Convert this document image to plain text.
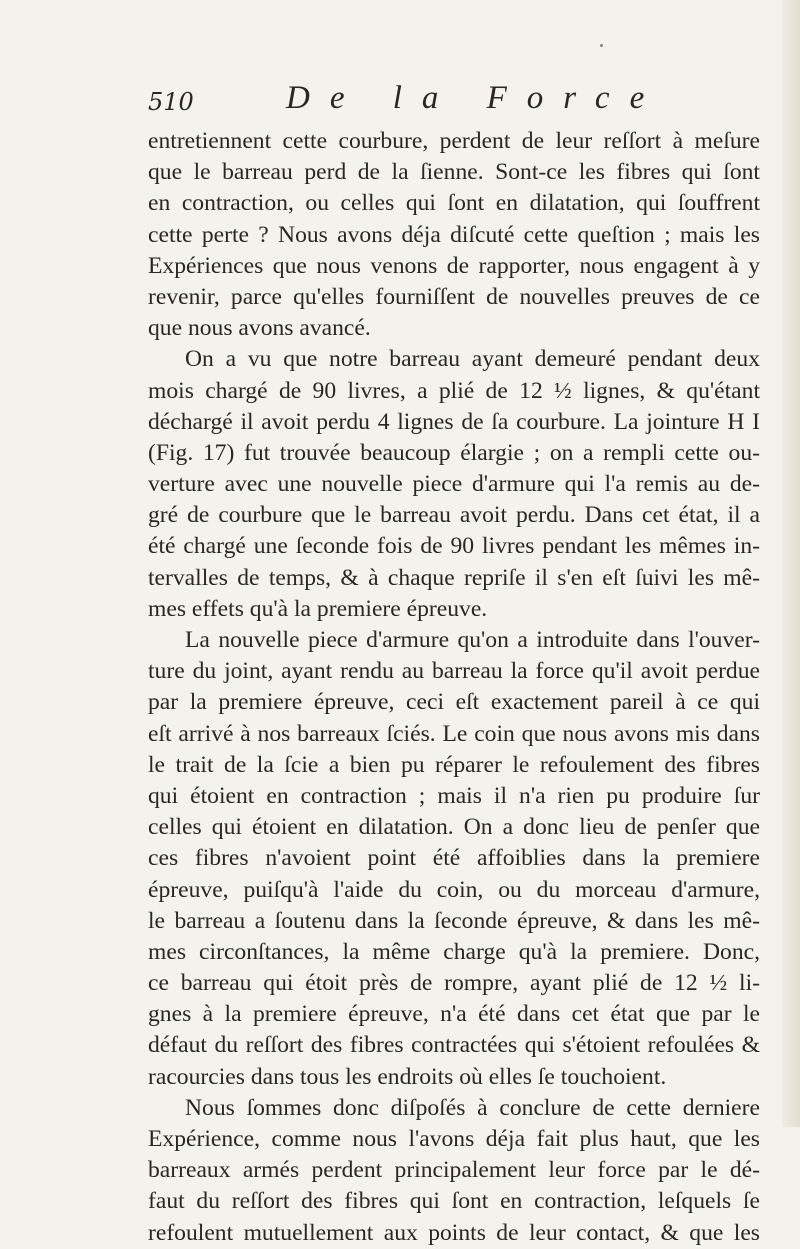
510	De la Force
entretiennent cette courbure, perdent de leur reſſort à meſure
que le barreau perd de la ſienne. Sont-ce les fibres qui ſont
en contraction, ou celles qui ſont en dilatation, qui ſouffrent
cette perte ? Nous avons déja diſcuté cette queſtion ; mais les
Expériences que nous venons de rapporter, nous engagent à y
revenir, parce qu'elles fourniſſent de nouvelles preuves de ce
que nous avons avancé.
On a vu que notre barreau ayant demeuré pendant deux
mois chargé de 90 livres, a plié de 12 ½ lignes, & qu'étant
déchargé il avoit perdu 4 lignes de ſa courbure. La jointure H I
(Fig. 17) fut trouvée beaucoup élargie ; on a rempli cette ou-
verture avec une nouvelle piece d'armure qui l'a remis au de-
gré de courbure que le barreau avoit perdu. Dans cet état, il a
été chargé une ſeconde fois de 90 livres pendant les mêmes in-
tervalles de temps, & à chaque repriſe il s'en eſt ſuivi les mê-
mes effets qu'à la premiere épreuve.
La nouvelle piece d'armure qu'on a introduite dans l'ouver-
ture du joint, ayant rendu au barreau la force qu'il avoit perdue
par la premiere épreuve, ceci eſt exactement pareil à ce qui
eſt arrivé à nos barreaux ſciés. Le coin que nous avons mis dans
le trait de la ſcie a bien pu réparer le refoulement des fibres
qui étoient en contraction ; mais il n'a rien pu produire ſur
celles qui étoient en dilatation. On a donc lieu de penſer que
ces fibres n'avoient point été affoiblies dans la premiere
épreuve, puiſqu'à l'aide du coin, ou du morceau d'armure,
le barreau a ſoutenu dans la ſeconde épreuve, & dans les mê-
mes circonſtances, la même charge qu'à la premiere. Donc,
ce barreau qui étoit près de rompre, ayant plié de 12 ½ li-
gnes à la premiere épreuve, n'a été dans cet état que par le
défaut du reſſort des fibres contractées qui s'étoient refoulées &
racourcies dans tous les endroits où elles ſe touchoient.
Nous ſommes donc diſpoſés à conclure de cette derniere
Expérience, comme nous l'avons déja fait plus haut, que les
barreaux armés perdent principalement leur force par le dé-
faut du reſſort des fibres qui ſont en contraction, leſquels ſe
refoulent mutuellement aux points de leur contact, & que les
